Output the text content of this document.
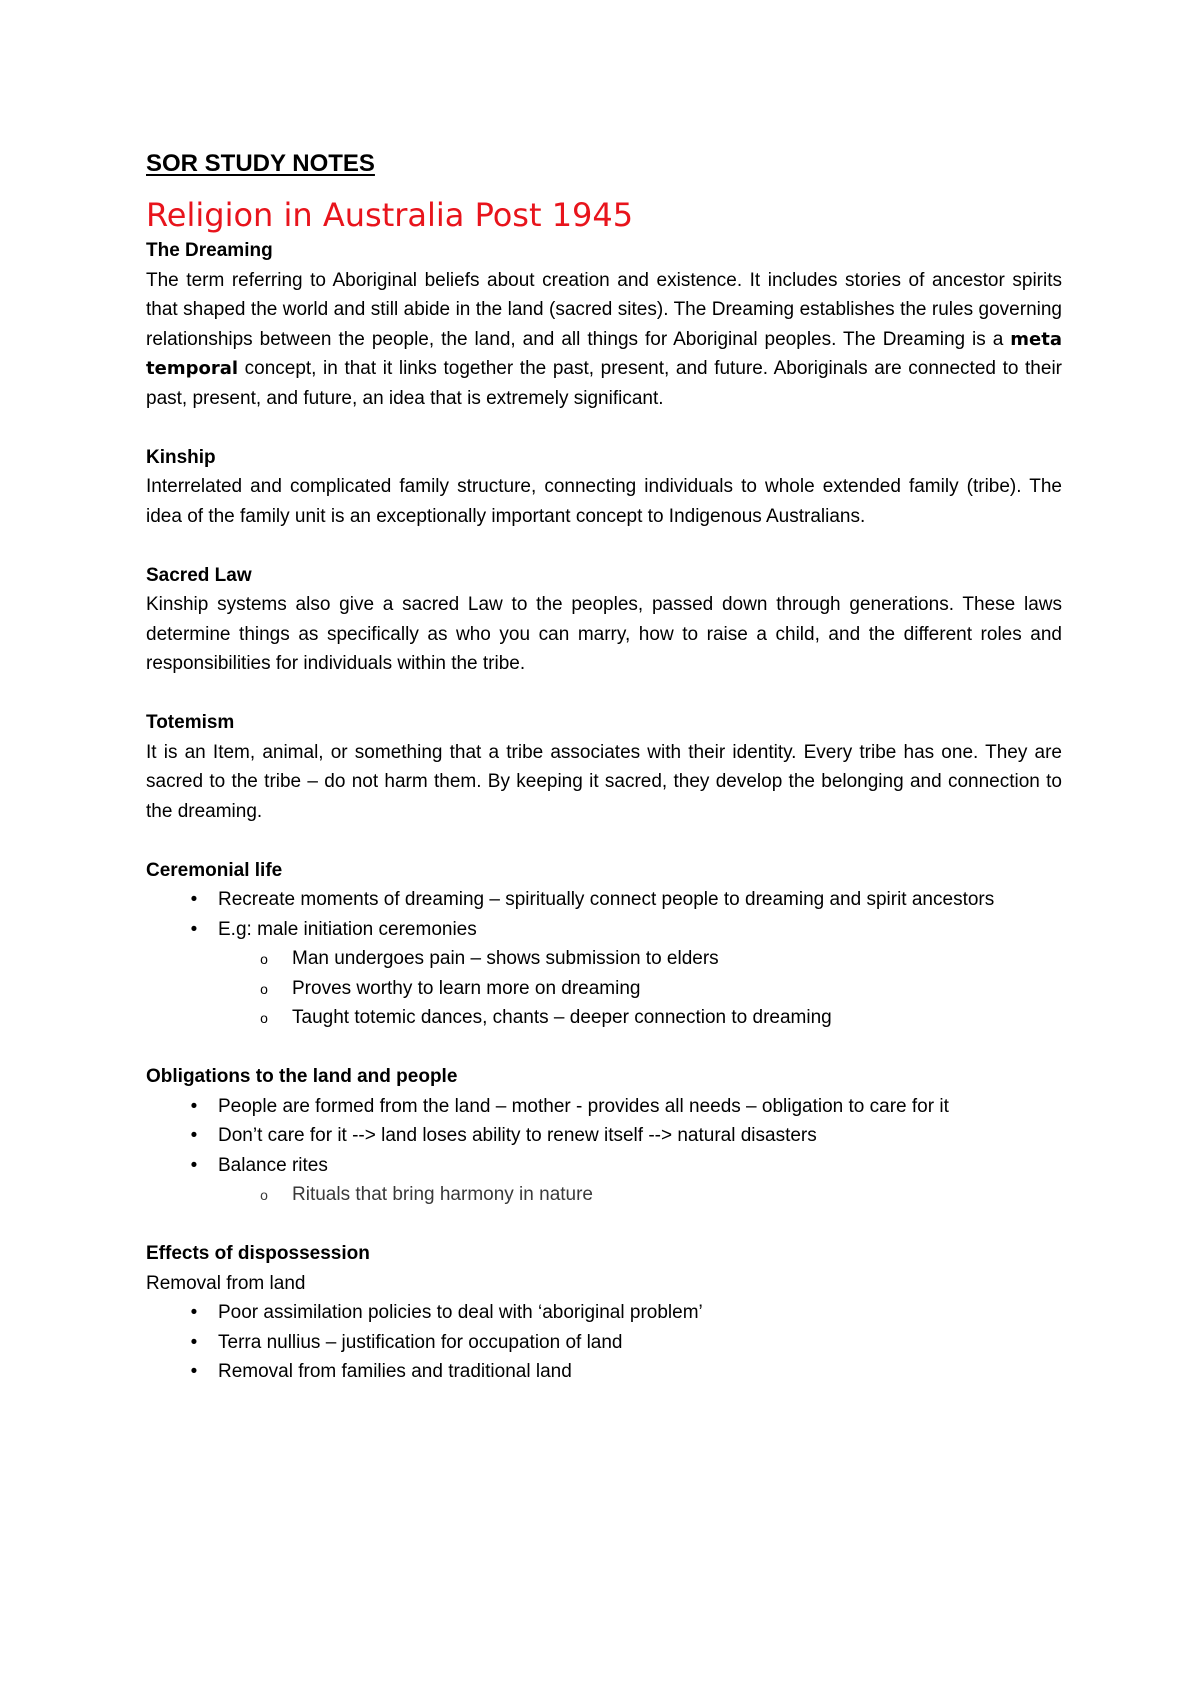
SOR STUDY NOTES
Religion in Australia Post 1945

The Dreaming

The term referring to Aboriginal beliefs about creation and existence. It includes stories of ancestor spirits that shaped the world and still abide in the land (sacred sites). The Dreaming establishes the rules governing relationships between the people, the land, and all things for Aboriginal peoples. The Dreaming is a meta temporal concept, in that it links together the past, present, and future. Aboriginals are connected to their past, present, and future, an idea that is extremely significant.

Kinship

Interrelated and complicated family structure, connecting individuals to whole extended family (tribe). The idea of the family unit is an exceptionally important concept to Indigenous Australians.

Sacred Law

Kinship systems also give a sacred Law to the peoples, passed down through generations. These laws determine things as specifically as who you can marry, how to raise a child, and the different roles and responsibilities for individuals within the tribe.

Totemism

It is an Item, animal, or something that a tribe associates with their identity. Every tribe has one. They are sacred to the tribe – do not harm them. By keeping it sacred, they develop the belonging and connection to the dreaming.

Ceremonial life

• Recreate moments of dreaming – spiritually connect people to dreaming and spirit ancestors
• E.g: male initiation ceremonies
o Man undergoes pain – shows submission to elders
o Proves worthy to learn more on dreaming
o Taught totemic dances, chants – deeper connection to dreaming

Obligations to the land and people

• People are formed from the land – mother - provides all needs – obligation to care for it
• Don’t care for it --> land loses ability to renew itself --> natural disasters
• Balance rites
o Rituals that bring harmony in nature

Effects of dispossession

Removal from land

• Poor assimilation policies to deal with ‘aboriginal problem’
• Terra nullius – justification for occupation of land
• Removal from families and traditional land
